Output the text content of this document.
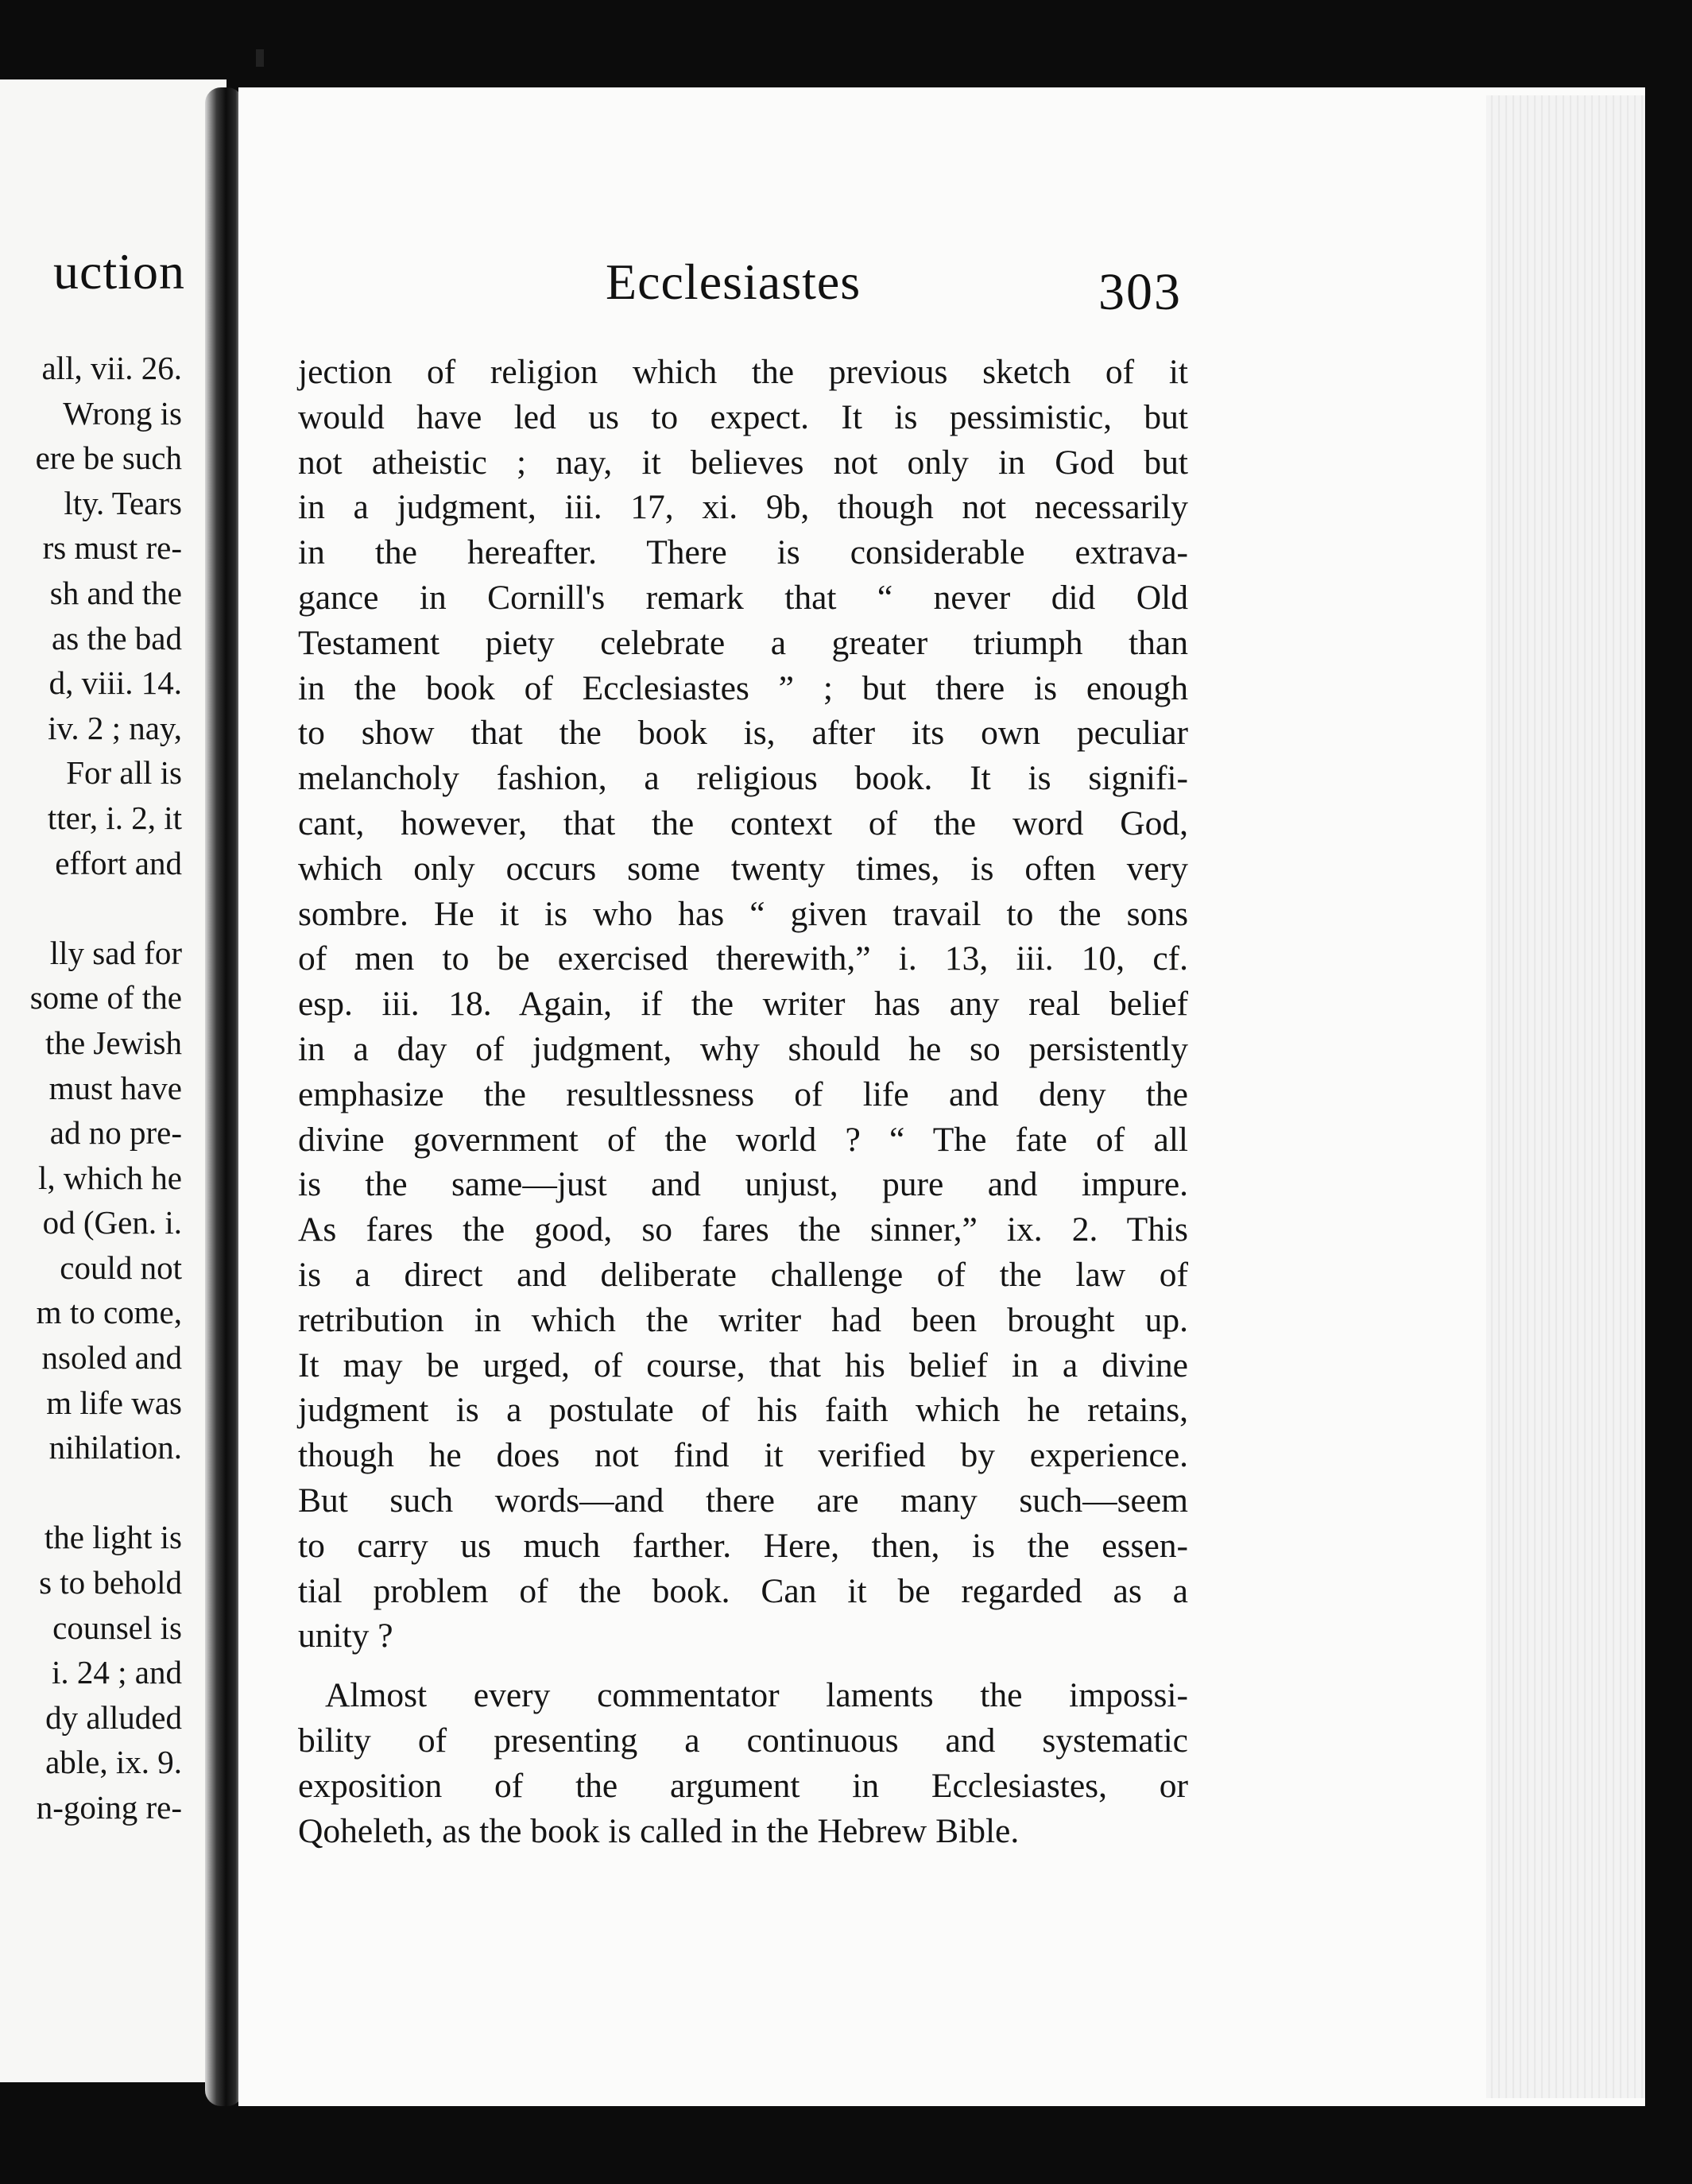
uction
all, vii. 26.
Wrong is
ere be such
lty. Tears
rs must re-
sh and the
as the bad
d, viii. 14.
iv. 2 ; nay,
For all is
tter, i. 2, it
effort and

lly sad for
some of the
the Jewish
must have
ad no pre-
l, which he
od (Gen. i.
could not
m to come,
nsoled and
m life was
nihilation.

the light is
s to behold
counsel is
i. 24 ; and
dy alluded
able, ix. 9.
n-going re-
Ecclesiastes	303
jection of religion which the previous sketch of it
would have led us to expect. It is pessimistic, but
not atheistic ; nay, it believes not only in God but
in a judgment, iii. 17, xi. 9b, though not necessarily
in the hereafter. There is considerable extrava-
gance in Cornill's remark that “ never did Old
Testament piety celebrate a greater triumph than
in the book of Ecclesiastes ” ; but there is enough
to show that the book is, after its own peculiar
melancholy fashion, a religious book. It is signifi-
cant, however, that the context of the word God,
which only occurs some twenty times, is often very
sombre. He it is who has “ given travail to the sons
of men to be exercised therewith,” i. 13, iii. 10, cf.
esp. iii. 18. Again, if the writer has any real belief
in a day of judgment, why should he so persistently
emphasize the resultlessness of life and deny the
divine government of the world ? “ The fate of all
is the same—just and unjust, pure and impure.
As fares the good, so fares the sinner,” ix. 2. This
is a direct and deliberate challenge of the law of
retribution in which the writer had been brought up.
It may be urged, of course, that his belief in a divine
judgment is a postulate of his faith which he retains,
though he does not find it verified by experience.
But such words—and there are many such—seem
to carry us much farther. Here, then, is the essen-
tial problem of the book. Can it be regarded as a
unity ?
Almost every commentator laments the impossi-
bility of presenting a continuous and systematic
exposition of the argument in Ecclesiastes, or
Qoheleth, as the book is called in the Hebrew Bible.
